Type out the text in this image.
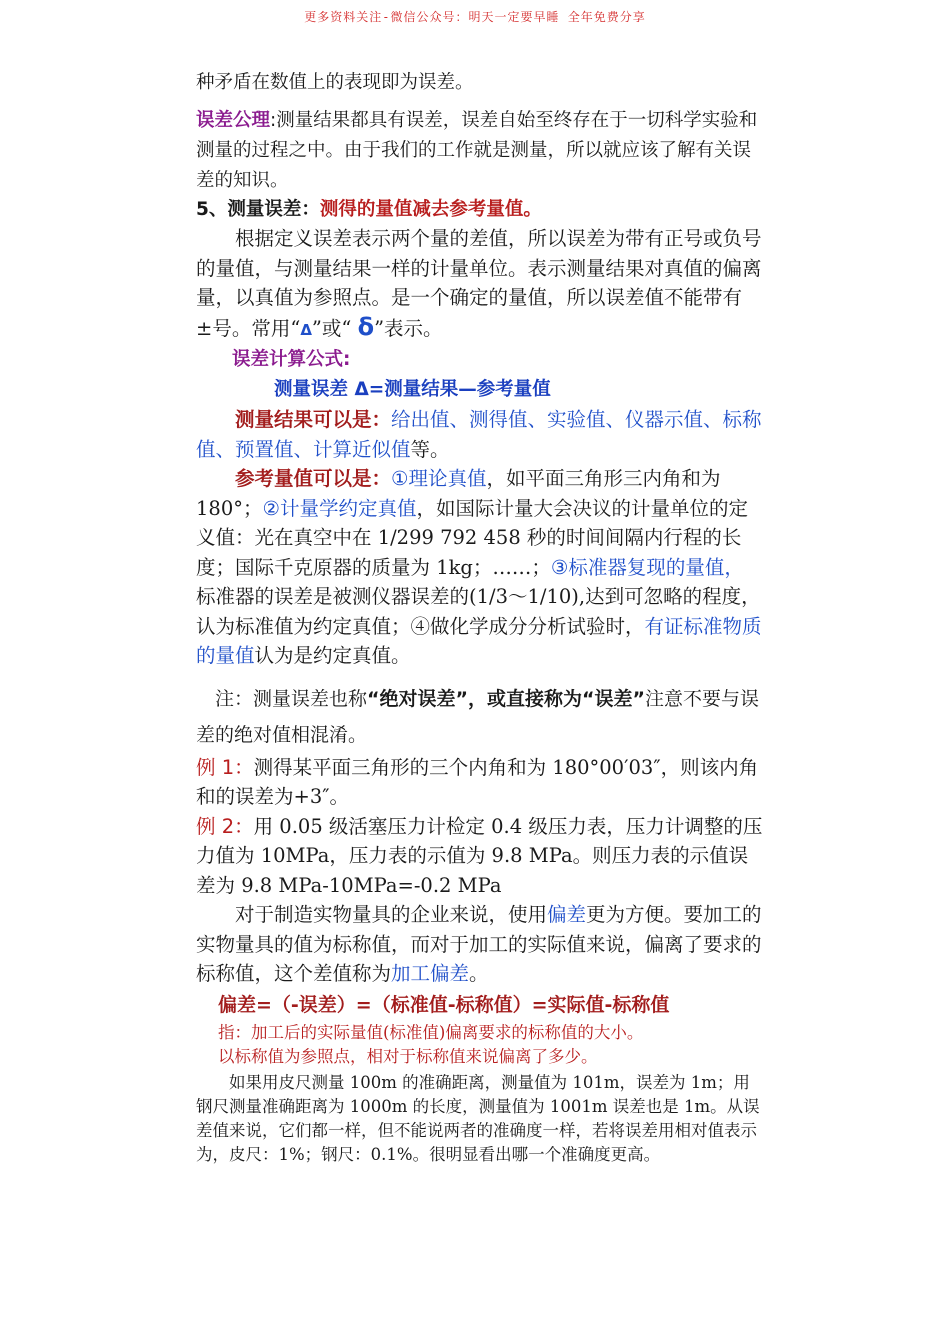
更多资料关注-微信公众号：明天一定要早睡 全年免费分享

种矛盾在数值上的表现即为误差。

误差公理:测量结果都具有误差，误差自始至终存在于一切科学实验和测量的过程之中。由于我们的工作就是测量，所以就应该了解有关误差的知识。

5、测量误差：测得的量值减去参考量值。

根据定义误差表示两个量的差值，所以误差为带有正号或负号的量值，与测量结果一样的计量单位。表示测量结果对真值的偏离量，以真值为参照点。是一个确定的量值，所以误差值不能带有±号。常用“Δ”或“ δ”表示。

误差计算公式:

测量误差 Δ=测量结果—参考量值

测量结果可以是：给出值、测得值、实验值、仪器示值、标称值、预置值、计算近似值等。

参考量值可以是：①理论真值，如平面三角形三内角和为 180°；②计量学约定真值，如国际计量大会决议的计量单位的定义值：光在真空中在 1/299 792 458 秒的时间间隔内行程的长度；国际千克原器的质量为 1kg；……；③标准器复现的量值， 标准器的误差是被测仪器误差的(1/3～1/10),达到可忽略的程度，认为标准值为约定真值；④做化学成分分析试验时，有证标准物质的量值认为是约定真值。

注：测量误差也称“绝对误差”，或直接称为“误差”注意不要与误差的绝对值相混淆。

例 1：测得某平面三角形的三个内角和为 180°00′03″，则该内角和的误差为+3″。

例 2：用 0.05 级活塞压力计检定 0.4 级压力表，压力计调整的压力值为 10MPa，压力表的示值为 9.8 MPa。则压力表的示值误差为 9.8 MPa-10MPa=-0.2 MPa

对于制造实物量具的企业来说，使用偏差更为方便。要加工的实物量具的值为标称值，而对于加工的实际值来说，偏离了要求的标称值，这个差值称为加工偏差。

偏差=（-误差）=（标准值-标称值）=实际值-标称值

指：加工后的实际量值(标准值)偏离要求的标称值的大小。

以标称值为参照点，相对于标称值来说偏离了多少。

如果用皮尺测量 100m 的准确距离，测量值为 101m，误差为 1m；用钢尺测量准确距离为 1000m 的长度，测量值为 1001m 误差也是 1m。从误差值来说，它们都一样，但不能说两者的准确度一样，若将误差用相对值表示为，皮尺：1%；钢尺：0.1%。很明显看出哪一个准确度更高。
